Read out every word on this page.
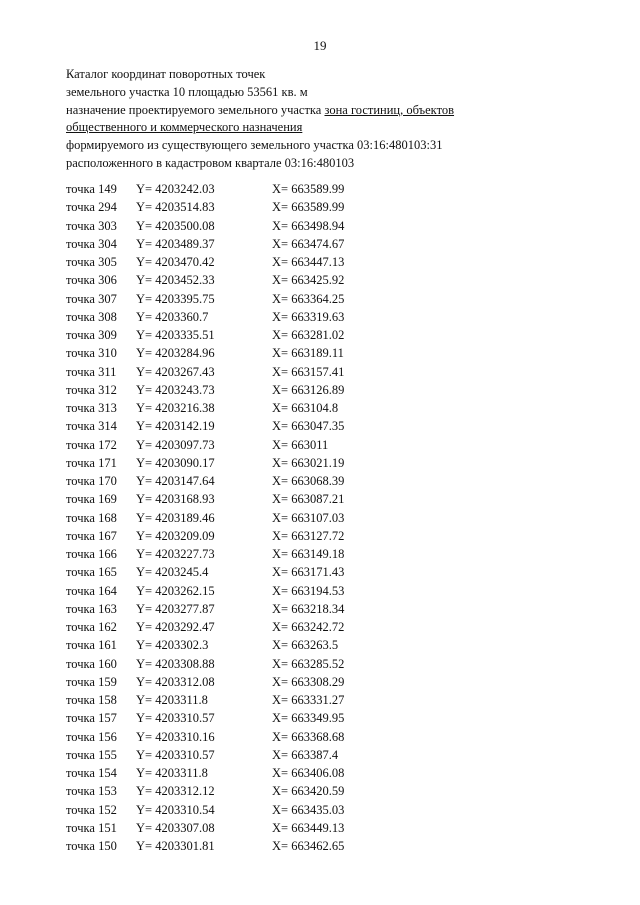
19
Каталог координат поворотных точек
земельного участка 10 площадью 53561 кв. м
назначение проектируемого земельного участка зона гостиниц, объектов
общественного и коммерческого назначения
формируемого из существующего земельного участка 03:16:480103:31
расположенного в кадастровом квартале 03:16:480103
точка 149 Y= 4203242.03	X= 663589.99
точка 294 Y= 4203514.83	X= 663589.99
точка 303 Y= 4203500.08	X= 663498.94
точка 304 Y= 4203489.37	X= 663474.67
точка 305 Y= 4203470.42	X= 663447.13
точка 306 Y= 4203452.33	X= 663425.92
точка 307 Y= 4203395.75	X= 663364.25
точка 308 Y= 4203360.7	X= 663319.63
точка 309 Y= 4203335.51	X= 663281.02
точка 310 Y= 4203284.96	X= 663189.11
точка 311 Y= 4203267.43	X= 663157.41
точка 312 Y= 4203243.73	X= 663126.89
точка 313 Y= 4203216.38	X= 663104.8
точка 314 Y= 4203142.19	X= 663047.35
точка 172 Y= 4203097.73	X= 663011
точка 171 Y= 4203090.17	X= 663021.19
точка 170 Y= 4203147.64	X= 663068.39
точка 169 Y= 4203168.93	X= 663087.21
точка 168 Y= 4203189.46	X= 663107.03
точка 167 Y= 4203209.09	X= 663127.72
точка 166 Y= 4203227.73	X= 663149.18
точка 165 Y= 4203245.4	X= 663171.43
точка 164 Y= 4203262.15	X= 663194.53
точка 163 Y= 4203277.87	X= 663218.34
точка 162 Y= 4203292.47	X= 663242.72
точка 161 Y= 4203302.3	X= 663263.5
точка 160 Y= 4203308.88	X= 663285.52
точка 159 Y= 4203312.08	X= 663308.29
точка 158 Y= 4203311.8	X= 663331.27
точка 157 Y= 4203310.57	X= 663349.95
точка 156 Y= 4203310.16	X= 663368.68
точка 155 Y= 4203310.57	X= 663387.4
точка 154 Y= 4203311.8	X= 663406.08
точка 153 Y= 4203312.12	X= 663420.59
точка 152 Y= 4203310.54	X= 663435.03
точка 151 Y= 4203307.08	X= 663449.13
точка 150 Y= 4203301.81	X= 663462.65
